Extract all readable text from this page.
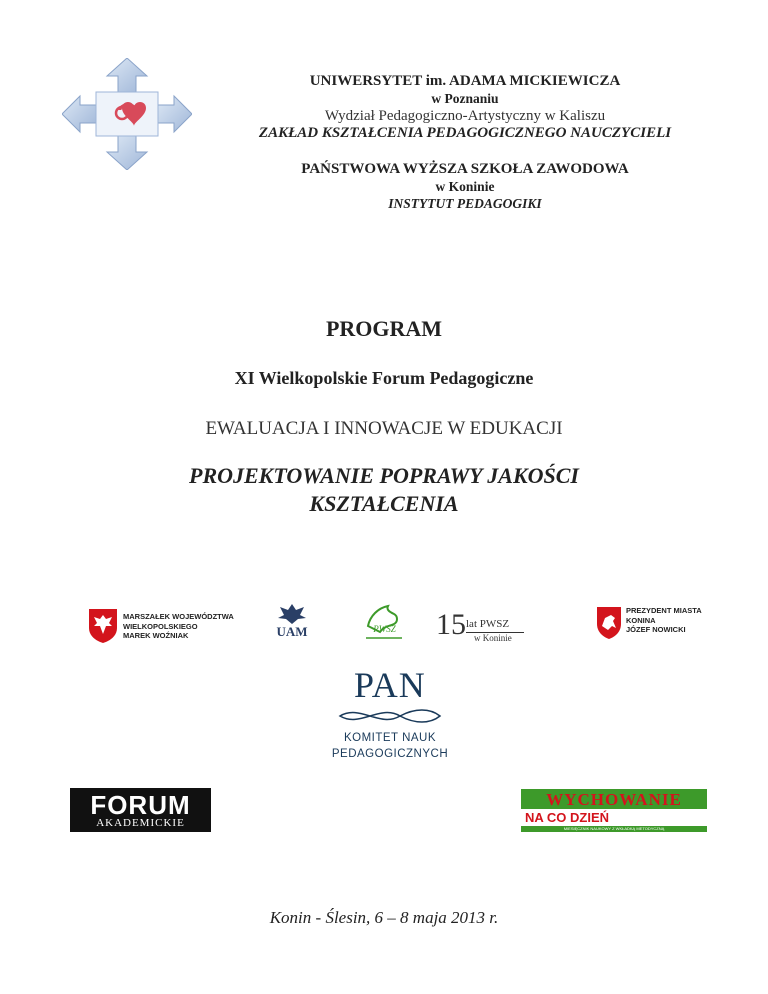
UNIWERSYTET im. ADAMA MICKIEWICZA
w Poznaniu
Wydział Pedagogiczno-Artystyczny w Kaliszu
ZAKŁAD KSZTAŁCENIA PEDAGOGICZNEGO NAUCZYCIELI
PAŃSTWOWA WYŻSZA SZKOŁA ZAWODOWA
w Koninie
INSTYTUT PEDAGOGIKI
PROGRAM
XI Wielkopolskie Forum Pedagogiczne
EWALUACJA I INNOWACJE W EDUKACJI
PROJEKTOWANIE POPRAWY JAKOŚCI
KSZTAŁCENIA
MARSZAŁEK WOJEWÓDZTWA
WIELKOPOLSKIEGO
MAREK WOŹNIAK	UAM	PWSZ	15 lat PWSZ
w Koninie
PREZYDENT MIASTA
KONINA
JÓZEF NOWICKI
PAN
KOMITET NAUK
PEDAGOGICZNYCH
FORUM
AKADEMICKIE
WYCHOWANIE
NA CO DZIEŃ
MIESIĘCZNIK NAUKOWY Z WKŁADKĄ METODYCZNĄ
Konin - Ślesin, 6 – 8 maja 2013 r.
